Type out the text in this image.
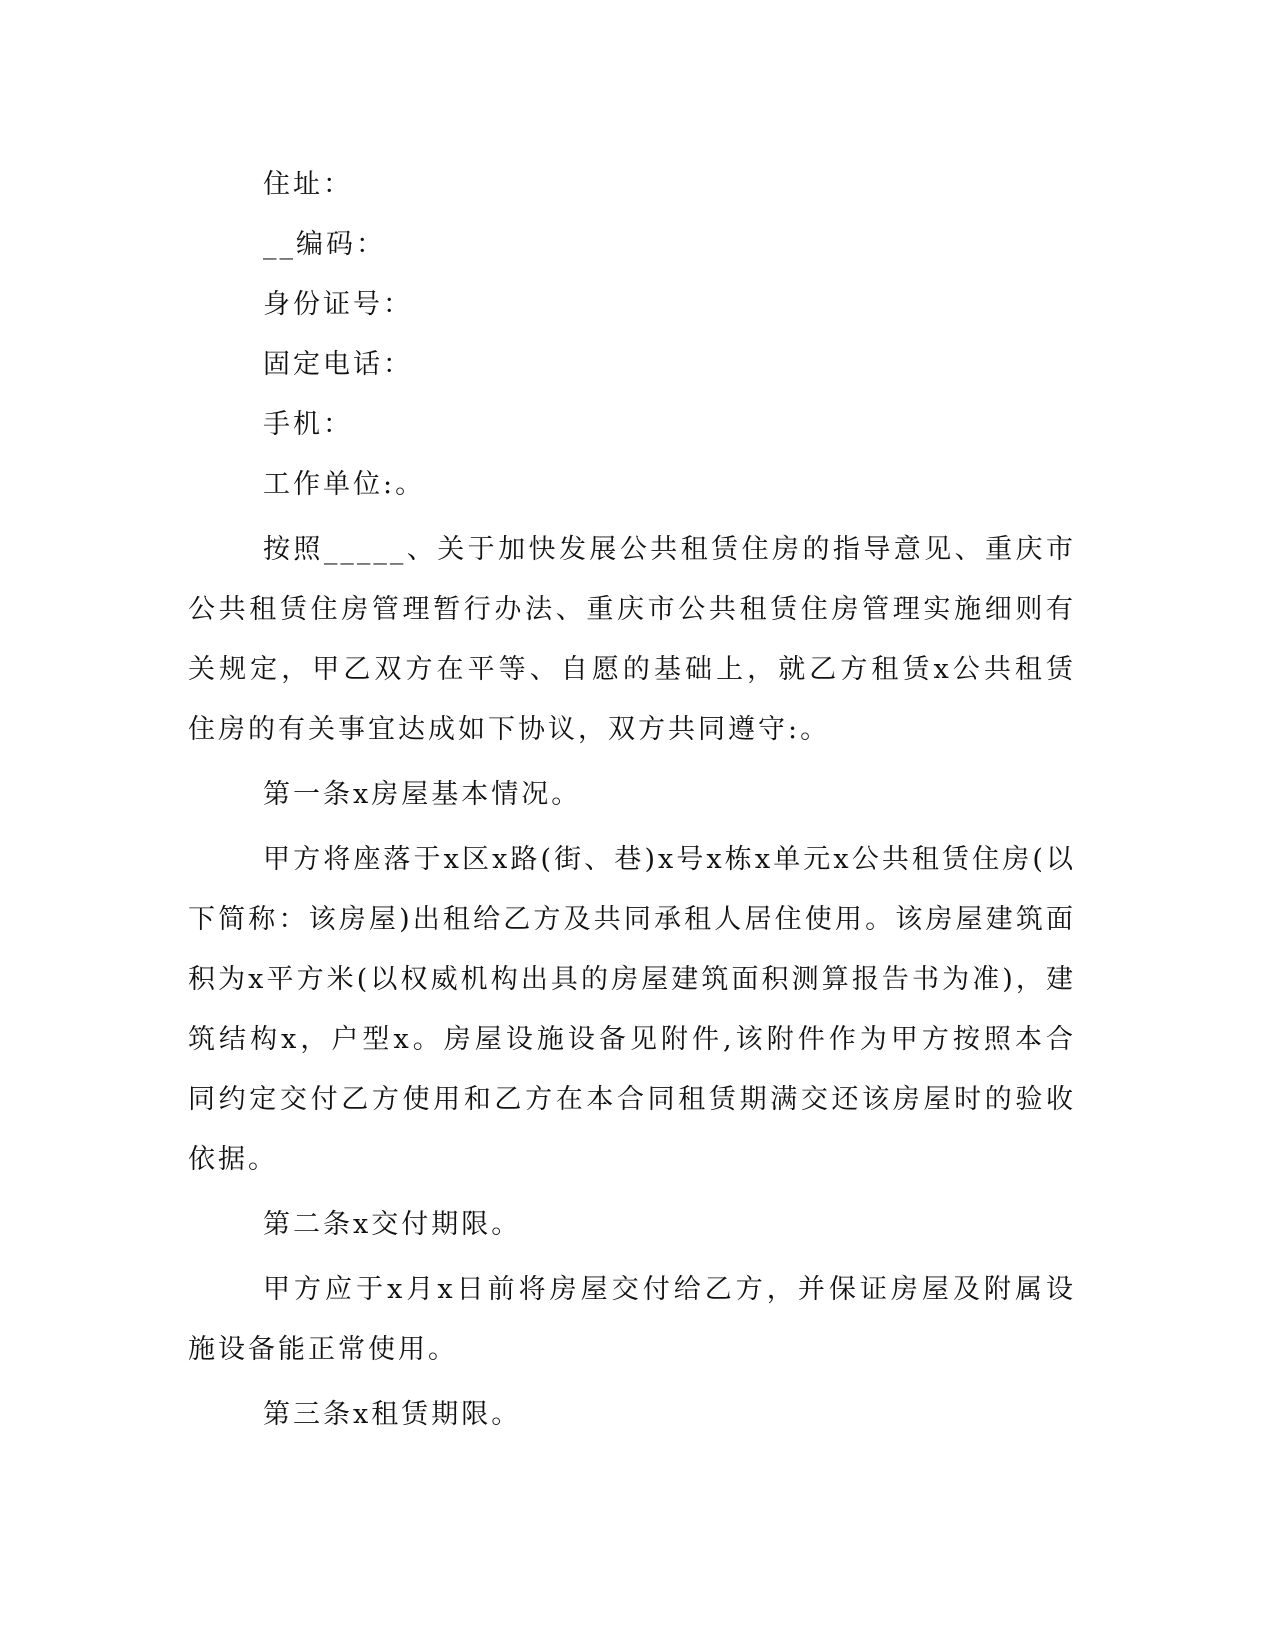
住址：

__编码：

身份证号：

固定电话：

手机：

工作单位:。

按照_____、关于加快发展公共租赁住房的指导意见、重庆市公共租赁住房管理暂行办法、重庆市公共租赁住房管理实施细则有关规定，甲乙双方在平等、自愿的基础上，就乙方租赁x公共租赁住房的有关事宜达成如下协议，双方共同遵守:。

第一条x房屋基本情况。

甲方将座落于x区x路(街、巷)x号x栋x单元x公共租赁住房(以下简称：该房屋)出租给乙方及共同承租人居住使用。该房屋建筑面积为x平方米(以权威机构出具的房屋建筑面积测算报告书为准)，建筑结构x，户型x。房屋设施设备见附件,该附件作为甲方按照本合同约定交付乙方使用和乙方在本合同租赁期满交还该房屋时的验收依据。

第二条x交付期限。

甲方应于x月x日前将房屋交付给乙方，并保证房屋及附属设施设备能正常使用。

第三条x租赁期限。
